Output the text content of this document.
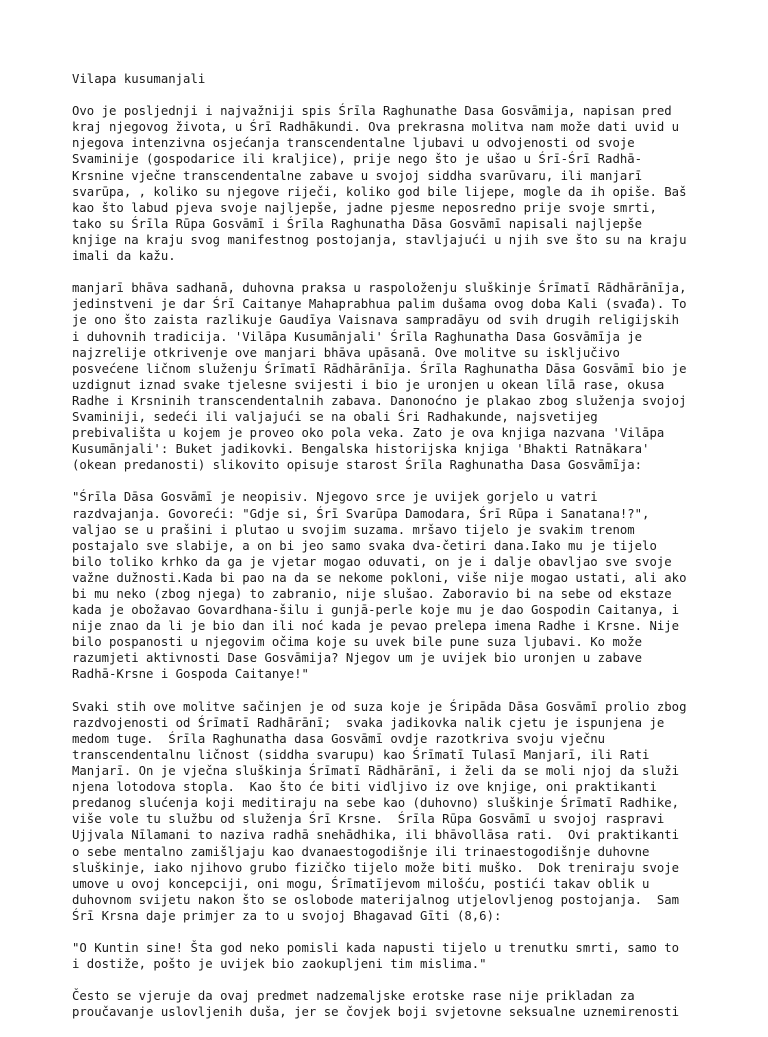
Vilapa kusumanjali
Ovo je posljednji i najvažniji spis Śrīla Raghunathe Dasa Gosvāmija, napisan pred
kraj njegovog života, u Śrī Radhākundi. Ova prekrasna molitva nam može dati uvid u
njegova intenzivna osjećanja transcendentalne ljubavi u odvojenosti od svoje
Svaminije (gospodarice ili kraljice), prije nego što je ušao u Śrī-Śrī Radhā-
Krsnine vječne transcendentalne zabave u svojoj siddha svarūvaru, ili manjarī
svarūpa, , koliko su njegove riječi, koliko god bile lijepe, mogle da ih opiše. Baš
kao što labud pjeva svoje najljepše, jadne pjesme neposredno prije svoje smrti,
tako su Śrīla Rūpa Gosvāmī i Śrīla Raghunatha Dāsa Gosvāmī napisali najljepše
knjige na kraju svog manifestnog postojanja, stavljajući u njih sve što su na kraju
imali da kažu.
manjarī bhāva sadhanā, duhovna praksa u raspoloženju sluškinje Śrīmatī Rādhārānīja,
jedinstveni je dar Śrī Caitanye Mahaprabhua palim dušama ovog doba Kali (svađa). To
je ono što zaista razlikuje Gaudīya Vaisnava sampradāyu od svih drugih religijskih
i duhovnih tradicija. 'Vilāpa Kusumānjali' Śrīla Raghunatha Dasa Gosvāmīja je
najzrelije otkrivenje ove manjari bhāva upāsanā. Ove molitve su isključivo
posvećene ličnom služenju Śrīmatī Rādhārānīja. Śrīla Raghunatha Dāsa Gosvāmī bio je
uzdignut iznad svake tjelesne svijesti i bio je uronjen u okean līlā rase, okusa
Radhe i Krsninih transcendentalnih zabava. Danonoćno je plakao zbog služenja svojoj
Svaminiji, sedeći ili valjajući se na obali Śri Radhakunde, najsvetijeg
prebivališta u kojem je proveo oko pola veka. Zato je ova knjiga nazvana 'Vilāpa
Kusumānjali': Buket jadikovki. Bengalska historijska knjiga 'Bhakti Ratnākara'
(okean predanosti) slikovito opisuje starost Śrīla Raghunatha Dasa Gosvāmīja:
"Śrīla Dāsa Gosvāmī je neopisiv. Njegovo srce je uvijek gorjelo u vatri
razdvajanja. Govoreći: "Gdje si, Śrī Svarūpa Damodara, Śrī Rūpa i Sanatana!?",
valjao se u prašini i plutao u svojim suzama. mršavo tijelo je svakim trenom
postajalo sve slabije, a on bi jeo samo svaka dva-četiri dana.Iako mu je tijelo
bilo toliko krhko da ga je vjetar mogao oduvati, on je i dalje obavljao sve svoje
važne dužnosti.Kada bi pao na da se nekome pokloni, više nije mogao ustati, ali ako
bi mu neko (zbog njega) to zabranio, nije slušao. Zaboravio bi na sebe od ekstaze
kada je obožavao Govardhana-šilu i gunjā-perle koje mu je dao Gospodin Caitanya, i
nije znao da li je bio dan ili noć kada je pevao prelepa imena Radhe i Krsne. Nije
bilo pospanosti u njegovim očima koje su uvek bile pune suza ljubavi. Ko može
razumjeti aktivnosti Dase Gosvāmija? Njegov um je uvijek bio uronjen u zabave
Radhā-Krsne i Gospoda Caitanye!"
Svaki stih ove molitve sačinjen je od suza koje je Śripāda Dāsa Gosvāmī prolio zbog
razdvojenosti od Śrīmatī Radhārānī;  svaka jadikovka nalik cjetu je ispunjena je
medom tuge.  Śrīla Raghunatha dasa Gosvāmī ovdje razotkriva svoju vječnu
transcendentalnu ličnost (siddha svarupu) kao Śrīmatī Tulasī Manjarī, ili Rati
Manjarī. On je vječna sluškinja Śrīmatī Rādhārānī, i želi da se moli njoj da služi
njena lotodova stopla.  Kao što će biti vidljivo iz ove knjige, oni praktikanti
predanog slućenja koji meditiraju na sebe kao (duhovno) sluškinje Śrīmatī Radhike,
više vole tu službu od služenja Śrī Krsne.  Śrīla Rūpa Gosvāmī u svojoj raspravi
Ujjvala Nīlamani to naziva radhā snehādhika, ili bhāvollāsa rati.  Ovi praktikanti
o sebe mentalno zamišljaju kao dvanaestogodišnje ili trinaestogodišnje duhovne
sluškinje, iako njihovo grubo fizičko tijelo može biti muško.  Dok treniraju svoje
umove u ovoj koncepciji, oni mogu, Śrīmatījevom milošću, postići takav oblik u
duhovnom svijetu nakon što se oslobode materijalnog utjelovljenog postojanja.  Sam
Śrī Krsna daje primjer za to u svojoj Bhagavad Gīti (8,6):
"O Kuntin sine! Šta god neko pomisli kada napusti tijelo u trenutku smrti, samo to
i dostiže, pošto je uvijek bio zaokupljeni tim mislima."
Često se vjeruje da ovaj predmet nadzemaljske erotske rase nije prikladan za
proučavanje uslovljenih duša, jer se čovjek boji svjetovne seksualne uznemirenosti
